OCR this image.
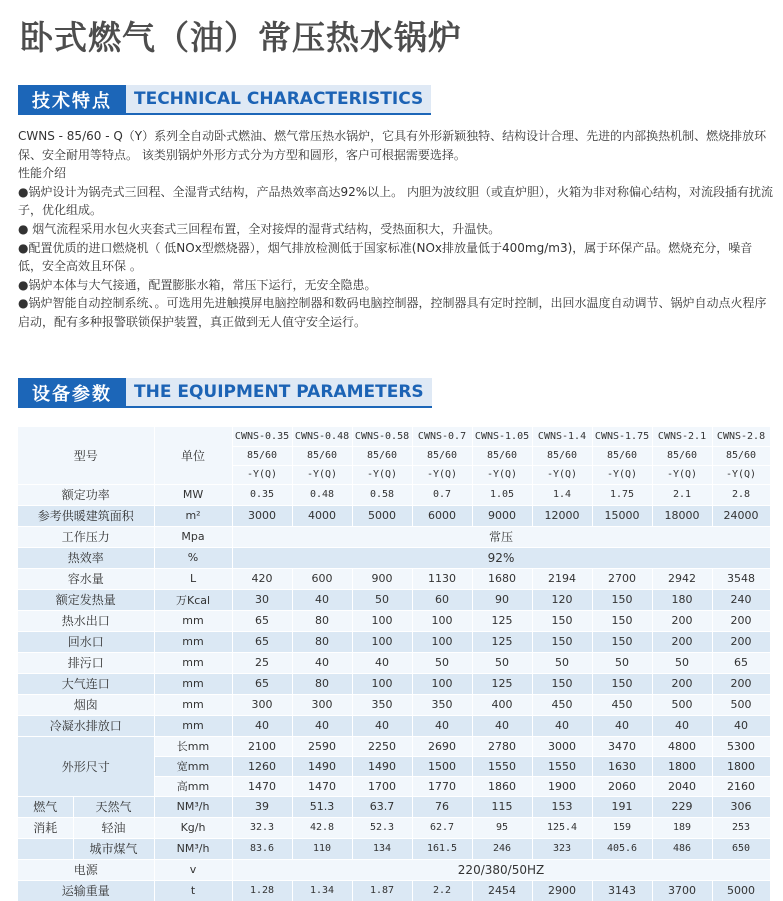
卧式燃气（油）常压热水锅炉
技术特点	TECHNICAL CHARACTERISTICS

CWNS - 85/60 - Q（Y）系列全自动卧式燃油、燃气常压热水锅炉，它具有外形新颖独特、结构设计合理、先进的内部换热机制、燃烧排放环保、安全耐用等特点。 该类别锅炉外形方式分为方型和圆形，客户可根据需要选择。

性能介绍

●锅炉设计为锅壳式三回程、全湿背式结构，产品热效率高达92%以上。 内胆为波纹胆（或直炉胆），火箱为非对称偏心结构，对流段插有扰流子，优化组成。

● 烟气流程采用水包火夹套式三回程布置，全对接焊的湿背式结构，受热面积大，升温快。

●配置优质的进口燃烧机（ 低NOx型燃烧器），烟气排放检测低于国家标准(NOx排放量低于400mg/m3)，属于环保产品。燃烧充分，噪音低，安全高效且环保 。

●锅炉本体与大气接通，配置膨胀水箱，常压下运行，无安全隐患。

●锅炉智能自动控制系统、。可选用先进触摸屏电脑控制器和数码电脑控制器，控制器具有定时控制，出回水温度自动调节、锅炉自动点火程序启动，配有多种报警联锁保护装置，真正做到无人值守安全运行。

设备参数	THE EQUIPMENT PARAMETERS
型号		单位	CWNS-0.35	CWNS-0.48	CWNS-0.58	CWNS-0.7	CWNS-1.05	CWNS-1.4	CWNS-1.75	CWNS-2.1	CWNS-2.8
			85/60	85/60	85/60	85/60	85/60	85/60	85/60	85/60	85/60
			-Y(Q)	-Y(Q)	-Y(Q)	-Y(Q)	-Y(Q)	-Y(Q)	-Y(Q)	-Y(Q)	-Y(Q)
额定功率		MW	0.35	0.48	0.58	0.7	1.05	1.4	1.75	2.1	2.8
参考供暖建筑面积		m²	3000	4000	5000	6000	9000	12000	15000	18000	24000
工作压力		Mpa	常压								
热效率		%	92%								
容水量		L	420	600	900	1130	1680	2194	2700	2942	3548
额定发热量		万Kcal	30	40	50	60	90	120	150	180	240
热水出口		mm	65	80	100	100	125	150	150	200	200
回水口		mm	65	80	100	100	125	150	150	200	200
排污口		mm	25	40	40	50	50	50	50	50	65
大气连口		mm	65	80	100	100	125	150	150	200	200
烟囱		mm	300	300	350	350	400	450	450	500	500
冷凝水排放口		mm	40	40	40	40	40	40	40	40	40
外形尺寸		长mm	2100	2590	2250	2690	2780	3000	3470	4800	5300
		宽mm	1260	1490	1490	1500	1550	1550	1630	1800	1800
		高mm	1470	1470	1700	1770	1860	1900	2060	2040	2160
燃气	天然气	NM³/h	39	51.3	63.7	76	115	153	191	229	306
消耗	轻油	Kg/h	32.3	42.8	52.3	62.7	95	125.4	159	189	253
	城市煤气	NM³/h	83.6	110	134	161.5	246	323	405.6	486	650
电源		v	220/380/50HZ								
运输重量		t	1.28	1.34	1.87	2.2	2454	2900	3143	3700	5000
